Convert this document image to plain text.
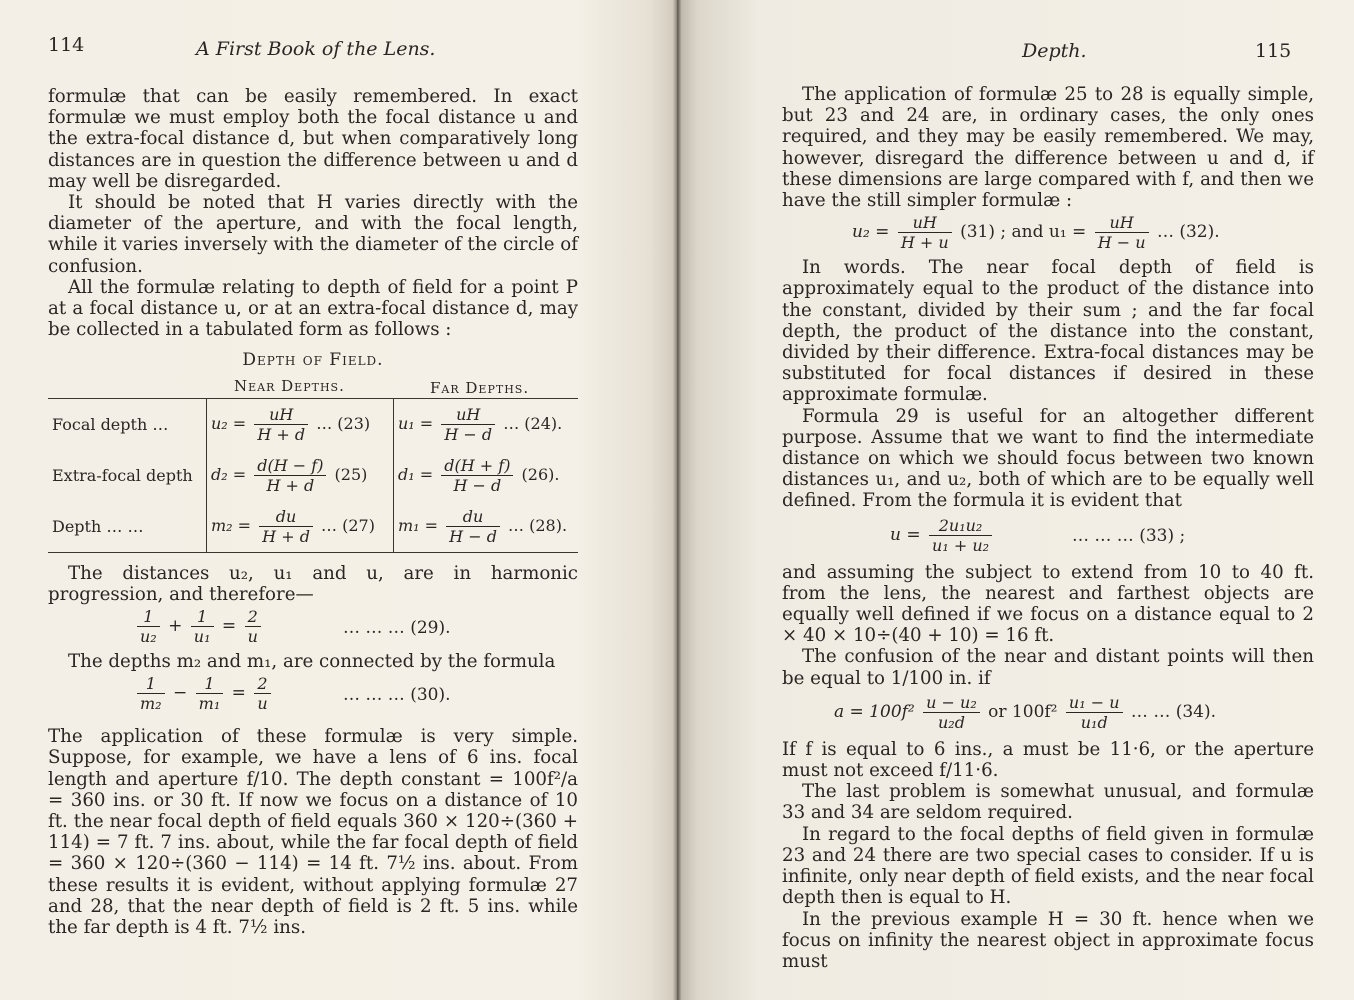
114	A First Book of the Lens.
formulæ that can be easily remembered. In exact
formulæ we must employ both the focal distance u and
the extra-focal distance d, but when comparatively long
distances are in question the difference between u and d
may well be disregarded.

It should be noted that H varies directly with the diameter of the aperture, and with the focal length, while it varies inversely with the diameter of the circle of confusion.

All the formulæ relating to depth of field for a point P at a focal distance u, or at an extra-focal distance d, may be collected in a tabulated form as follows :

Depth of Field.
Near Depths.	Far Depths.
Focal depth …	$u_2 = \frac{uH}{H + d}$ … (23)	$u_1 = \frac{uH}{H - d}$ … (24).
Extra-focal depth	$d_2 = \frac{d(H - f)}{H + d} (25)$	$d_1 = \frac{d(H + f)}{H - d} (26)$.
Depth … …	$m_2 = \frac{du}{H + d}$ … (27)	$m_1 = \frac{du}{H - d}$ … (28).

The distances u₂, u₁ and u, are in harmonic progression, and therefore—

$\frac{1}{\text{u₂}} + \frac{1}{\text{u₁}} = \frac{2}{u}$	… … … (29).

The depths m₂ and m₁, are connected by the formula

$\frac{1}{\text{m₂}} - \frac{1}{\text{m₁}} = \frac{2}{u}$	… … … (30).

The application of these formulæ is very simple. Suppose, for example, we have a lens of 6 ins. focal length and aperture f/10. The depth constant = 100f²/a = 360 ins. or 30 ft. If now we focus on a distance of 10 ft. the near focal depth of field equals 360 × 120÷(360 + 114) = 7 ft. 7 ins. about, while the far focal depth of field = 360 × 120÷(360 − 114) = 14 ft. 7½ ins. about. From these results it is evident, without applying formulæ 27 and 28, that the near depth of field is 2 ft. 5 ins. while the far depth is 4 ft. 7½ ins.

Depth.	115

The application of formulæ 25 to 28 is equally simple, but 23 and 24 are, in ordinary cases, the only ones required, and they may be easily remembered. We may, however, disregard the difference between u and d, if these dimensions are large compared with f, and then we have the still simpler formulæ :

$u_2 = \frac{uH}{H + u} (31)$ ; and $u_1 = \frac{uH}{H - u}$ … (32).

In words. The near focal depth of field is approximately equal to the product of the distance into the constant, divided by their sum ; and the far focal depth, the product of the distance into the constant, divided by their difference. Extra-focal distances may be substituted for focal distances if desired in these approximate formulæ.

Formula 29 is useful for an altogether different purpose. Assume that we want to find the intermediate distance on which we should focus between two known distances u₁, and u₂, both of which are to be equally well defined. From the formula it is evident that

$u = \frac{\text{2u₁u₂}}{\text{u₁ + u₂}}$	… … … (33) ;

and assuming the subject to extend from 10 to 40 ft. from the lens, the nearest and farthest objects are equally well defined if we focus on a distance equal to 2 × 40 × 10÷(40 + 10) = 16 ft.

The confusion of the near and distant points will then be equal to 1/100 in. if

$a = 100f^2 \frac{\text{u − u₂}}{\text{u₂d}}$ or $100f^2 \frac{\text{u₁ − u}}{\text{u₁d}}$ … … (34).

If f is equal to 6 ins., a must be 11·6, or the aperture must not exceed f/11·6.

The last problem is somewhat unusual, and formulæ 33 and 34 are seldom required.

In regard to the focal depths of field given in formulæ 23 and 24 there are two special cases to consider. If u is infinite, only near depth of field exists, and the near focal depth then is equal to H.

In the previous example H = 30 ft. hence when we focus on infinity the nearest object in approximate focus must
